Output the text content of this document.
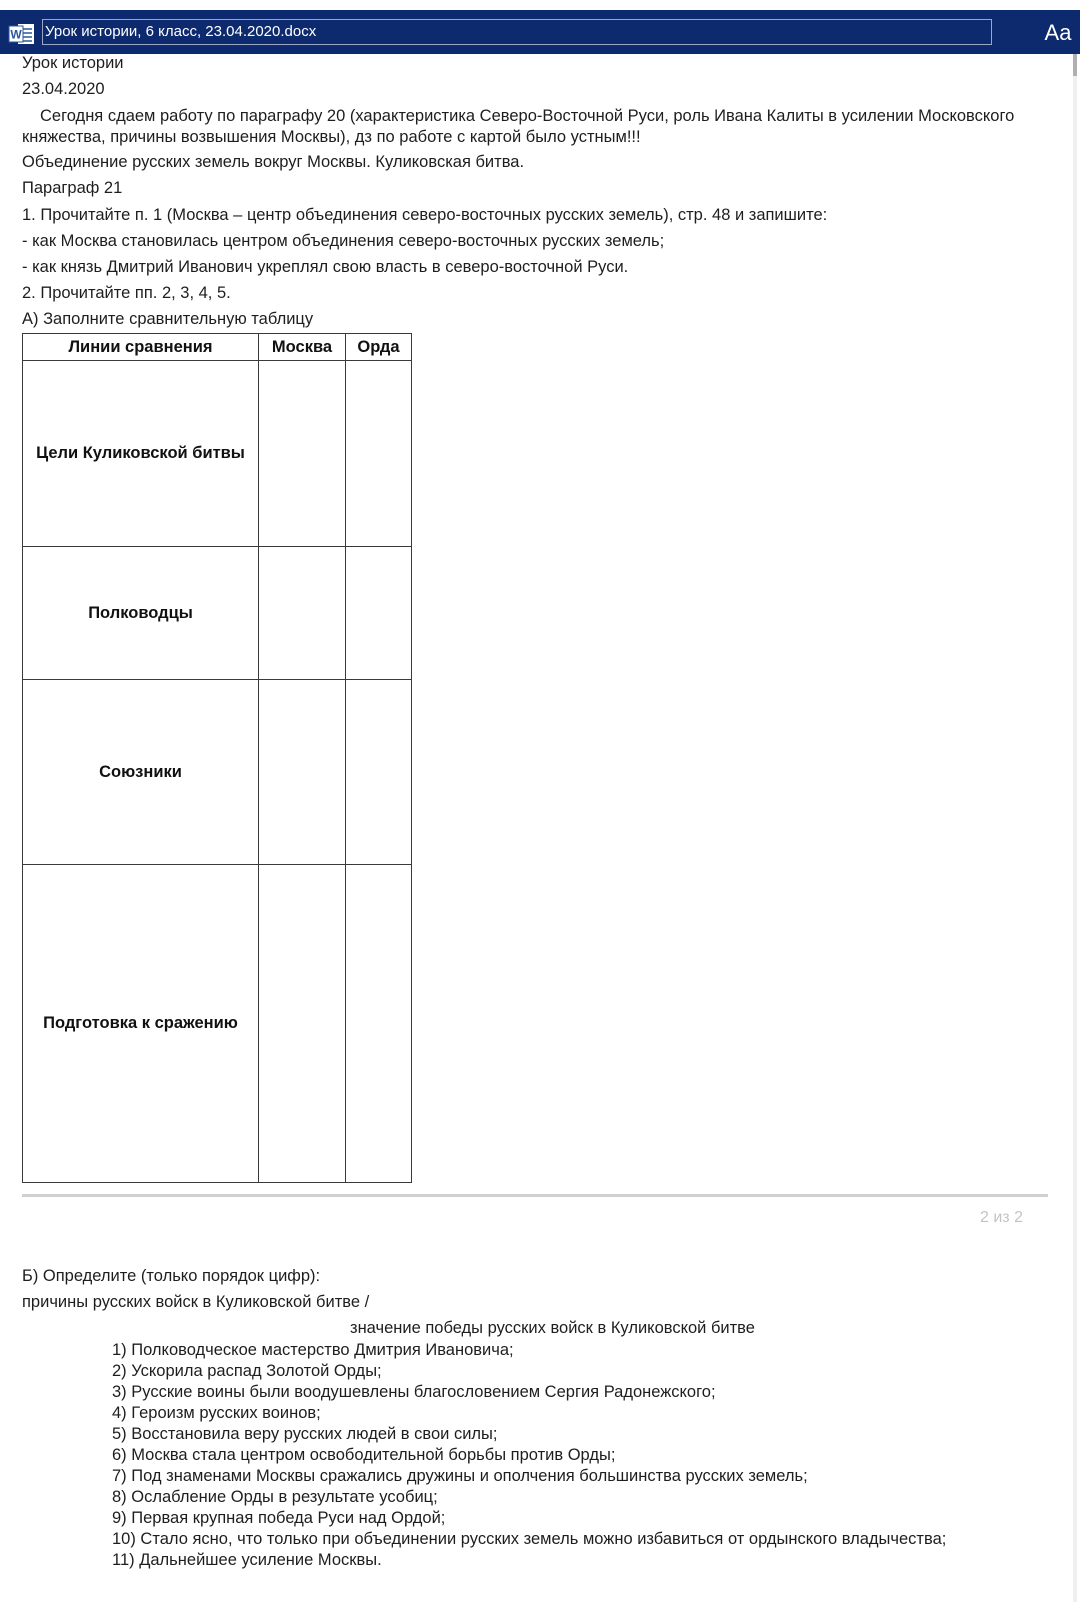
W Урок истории, 6 класс, 23.04.2020.docx	Aa
Урок истории
23.04.2020
Сегодня сдаем работу по параграфу 20 (характеристика Северо-Восточной Руси, роль Ивана Калиты в усилении Московского княжества, причины возвышения Москвы), дз по работе с картой было устным!!!
Объединение русских земель вокруг Москвы. Куликовская битва.
Параграф 21
1. Прочитайте п. 1 (Москва – центр объединения северо-восточных русских земель), стр. 48 и запишите:
- как Москва становилась центром объединения северо-восточных русских земель;
- как князь Дмитрий Иванович укреплял свою власть в северо-восточной Руси.
2. Прочитайте пп. 2, 3, 4, 5.
А) Заполните сравнительную таблицу
Линии сравнения	Москва	Орда
Цели Куликовской битвы		
Полководцы		
Союзники		
Подготовка к сражению		
2 из 2
Б) Определите (только порядок цифр):
причины русских войск в Куликовской битве /
значение победы русских войск в Куликовской битве
1) Полководческое мастерство Дмитрия Ивановича;
2) Ускорила распад Золотой Орды;
3) Русские воины были воодушевлены благословением Сергия Радонежского;
4) Героизм русских воинов;
5) Восстановила веру русских людей в свои силы;
6) Москва стала центром освободительной борьбы против Орды;
7) Под знаменами Москвы сражались дружины и ополчения большинства русских земель;
8) Ослабление Орды в результате усобиц;
9) Первая крупная победа Руси над Ордой;
10) Стало ясно, что только при объединении русских земель можно избавиться от ордынского владычества;
11) Дальнейшее усиление Москвы.
